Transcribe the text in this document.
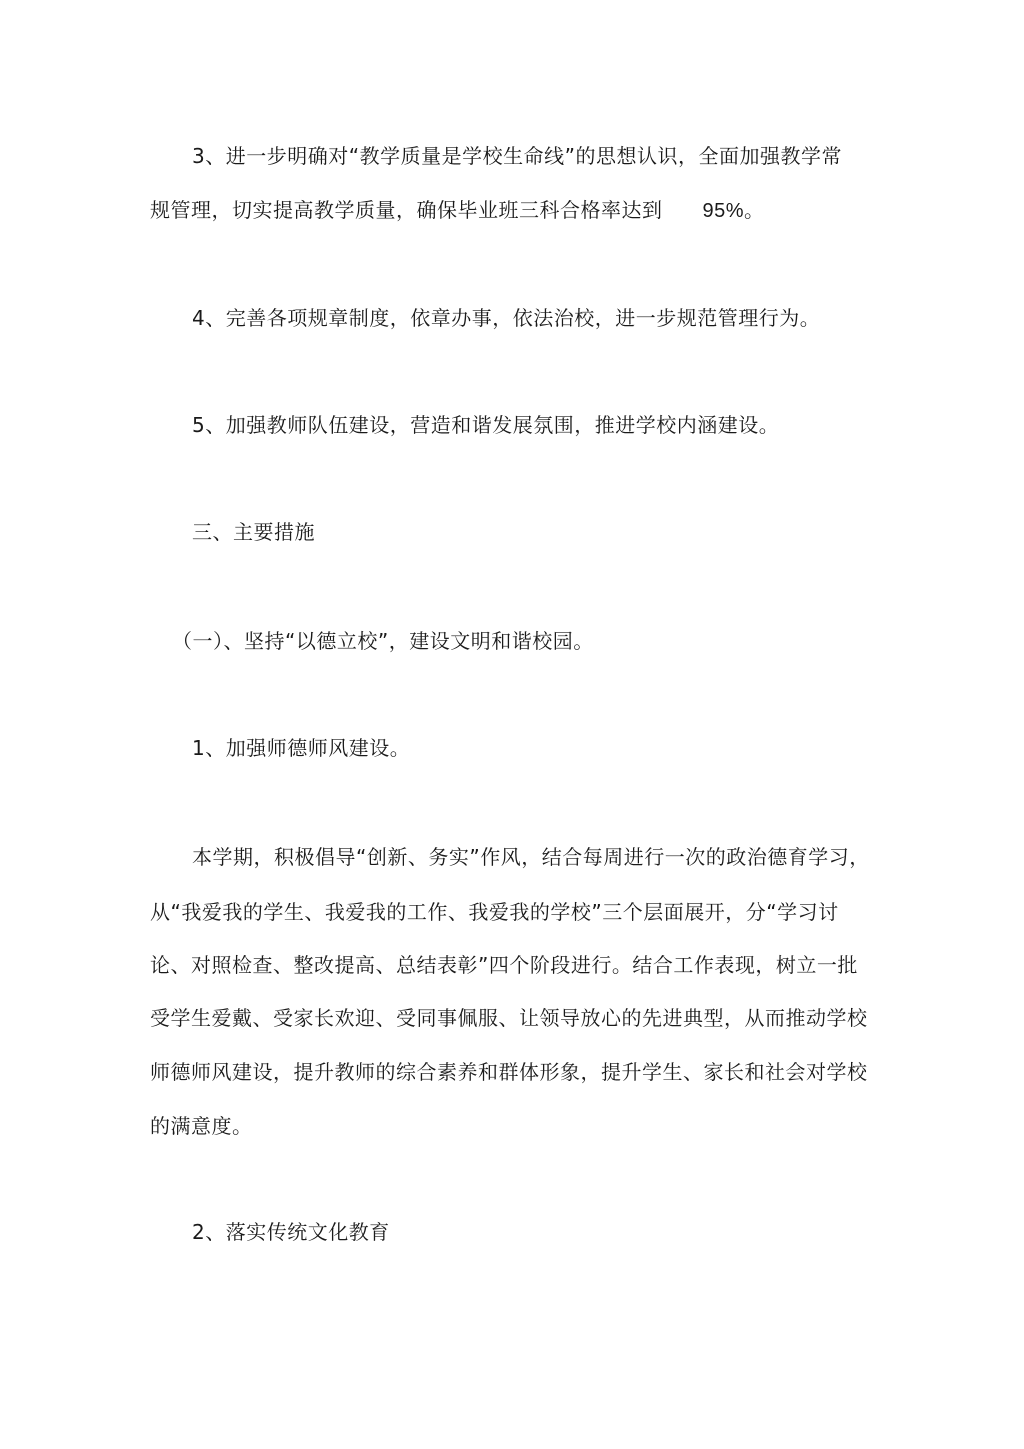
3、进一步明确对“教学质量是学校生命线”的思想认识，全面加强教学常
规管理，切实提高教学质量，确保毕业班三科合格率达到 95%。
4、完善各项规章制度，依章办事，依法治校，进一步规范管理行为。
5、加强教师队伍建设，营造和谐发展氛围，推进学校内涵建设。
三、主要措施
（一）、坚持“以德立校”，建设文明和谐校园。
1、加强师德师风建设。
本学期，积极倡导“创新、务实”作风，结合每周进行一次的政治德育学习，
从“我爱我的学生、我爱我的工作、我爱我的学校”三个层面展开，分“学习讨
论、对照检查、整改提高、总结表彰”四个阶段进行。结合工作表现，树立一批
受学生爱戴、受家长欢迎、受同事佩服、让领导放心的先进典型，从而推动学校
师德师风建设，提升教师的综合素养和群体形象，提升学生、家长和社会对学校
的满意度。
2、落实传统文化教育
